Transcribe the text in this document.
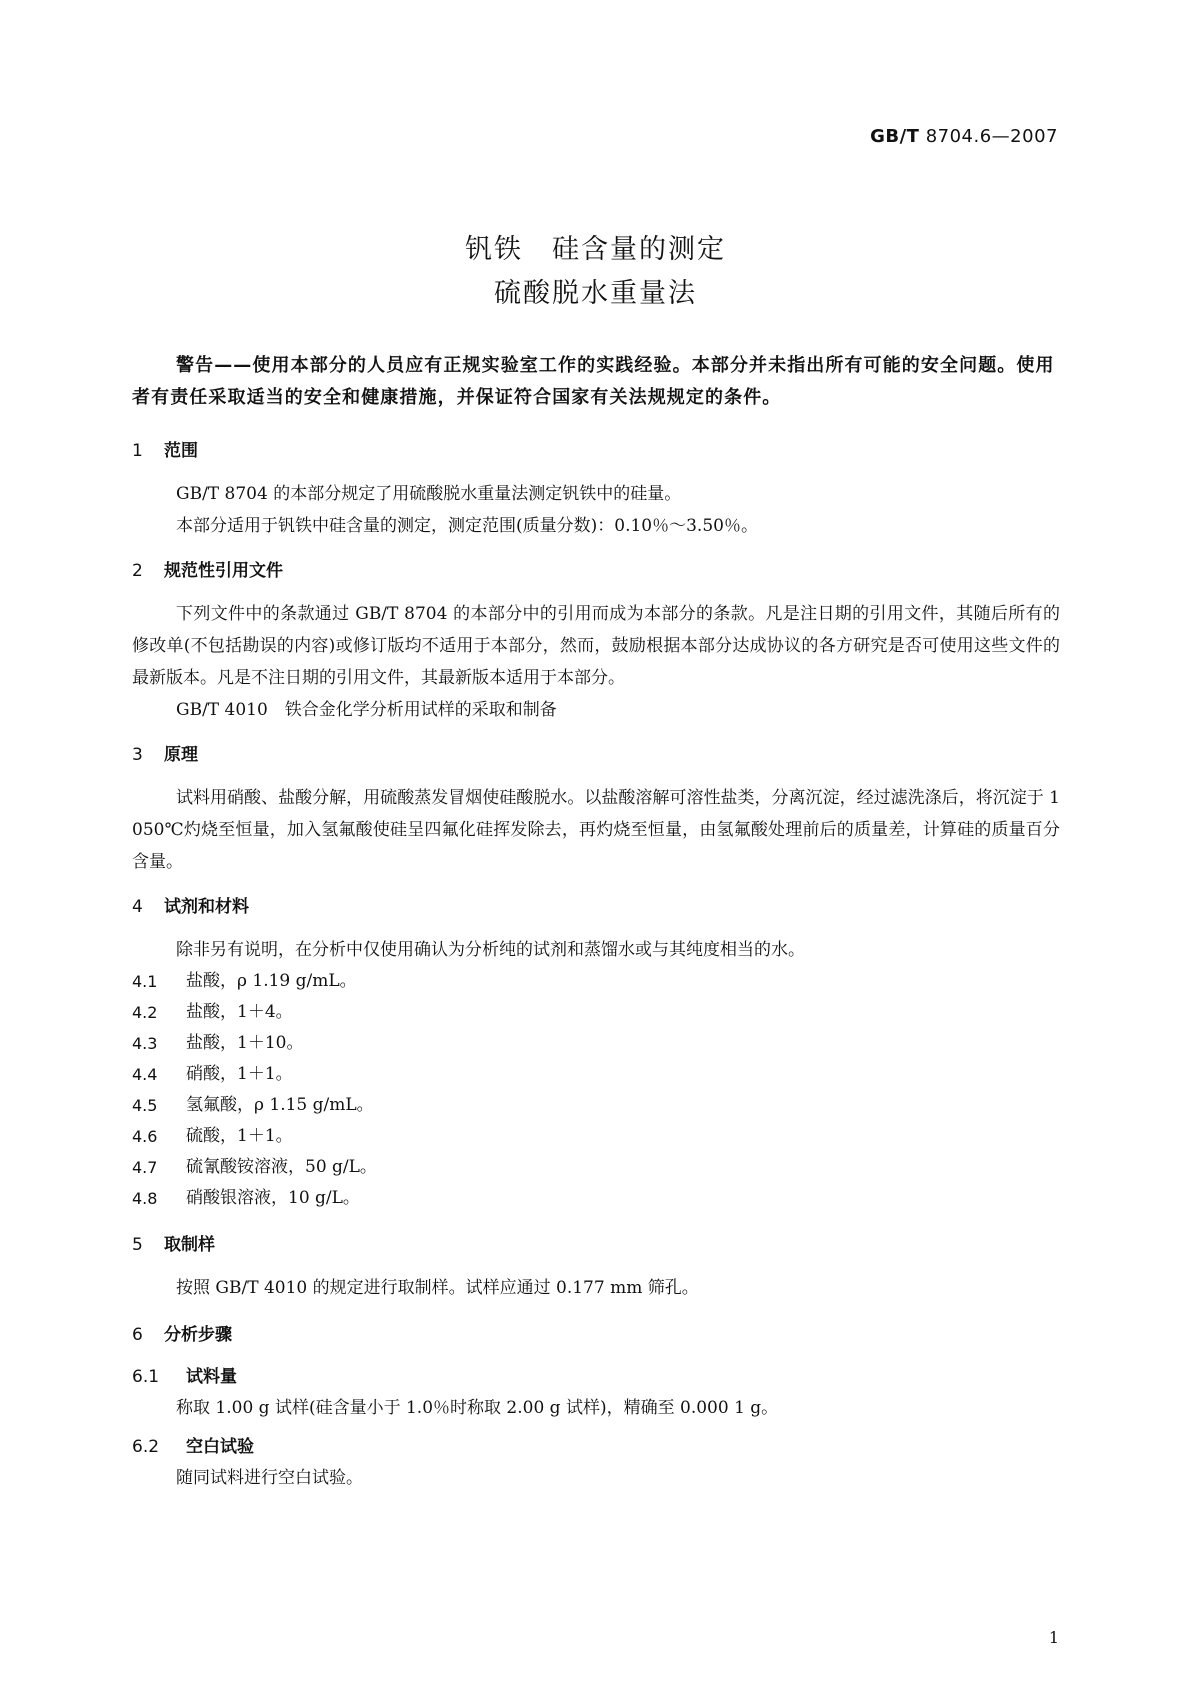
GB/T 8704.6—2007
钒铁　硅含量的测定
硫酸脱水重量法

警告——使用本部分的人员应有正规实验室工作的实践经验。本部分并未指出所有可能的安全问题。使用者有责任采取适当的安全和健康措施，并保证符合国家有关法规规定的条件。

1	范围

GB/T 8704 的本部分规定了用硫酸脱水重量法测定钒铁中的硅量。

本部分适用于钒铁中硅含量的测定，测定范围(质量分数)：0.10％～3.50％。

2	规范性引用文件

下列文件中的条款通过 GB/T 8704 的本部分中的引用而成为本部分的条款。凡是注日期的引用文件，其随后所有的修改单(不包括勘误的内容)或修订版均不适用于本部分，然而，鼓励根据本部分达成协议的各方研究是否可使用这些文件的最新版本。凡是不注日期的引用文件，其最新版本适用于本部分。

GB/T 4010　铁合金化学分析用试样的采取和制备

3	原理

试料用硝酸、盐酸分解，用硫酸蒸发冒烟使硅酸脱水。以盐酸溶解可溶性盐类，分离沉淀，经过滤洗涤后，将沉淀于 1 050℃灼烧至恒量，加入氢氟酸使硅呈四氟化硅挥发除去，再灼烧至恒量，由氢氟酸处理前后的质量差，计算硅的质量百分含量。

4	试剂和材料

除非另有说明，在分析中仅使用确认为分析纯的试剂和蒸馏水或与其纯度相当的水。

4.1	盐酸，ρ 1.19 g/mL。
4.2	盐酸，1＋4。
4.3	盐酸，1＋10。
4.4	硝酸，1＋1。
4.5	氢氟酸，ρ 1.15 g/mL。
4.6	硫酸，1＋1。
4.7	硫氰酸铵溶液，50 g/L。
4.8	硝酸银溶液，10 g/L。
5	取制样

按照 GB/T 4010 的规定进行取制样。试样应通过 0.177 mm 筛孔。

6	分析步骤
6.1	试料量

称取 1.00 g 试样(硅含量小于 1.0％时称取 2.00 g 试样)，精确至 0.000 1 g。

6.2	空白试验

随同试料进行空白试验。

1
